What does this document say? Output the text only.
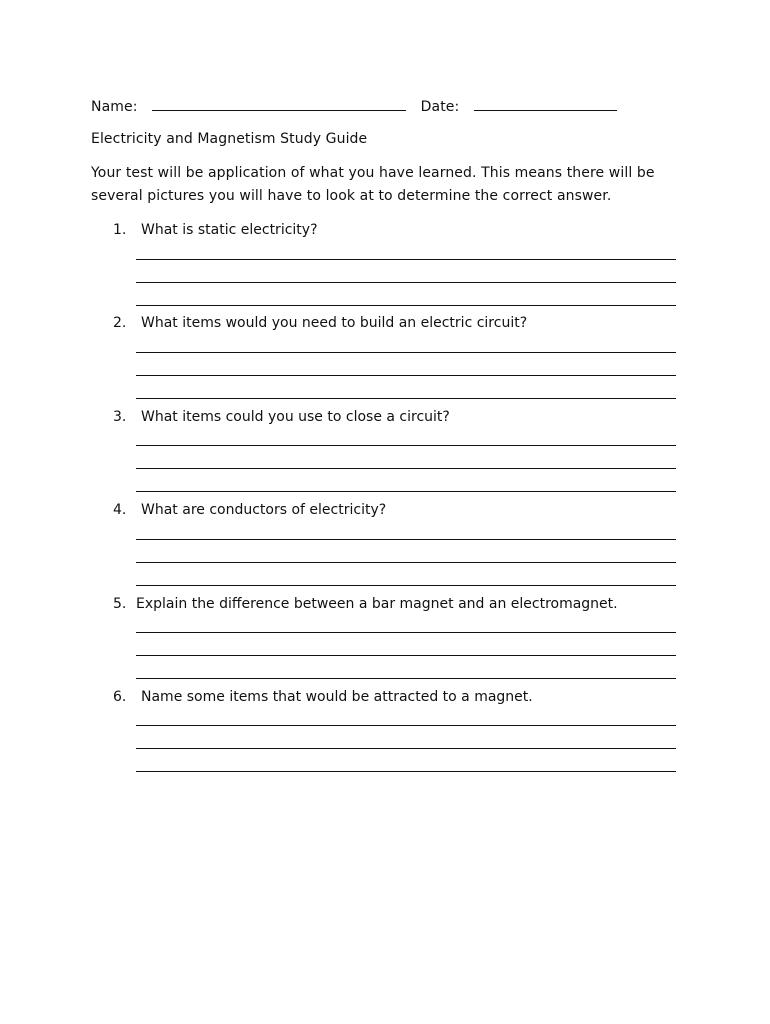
Name:	Date:
Electricity and Magnetism Study Guide
Your test will be application of what you have learned. This means there will be
several pictures you will have to look at to determine the correct answer.
1. What is static electricity?
2. What items would you need to build an electric circuit?
3. What items could you use to close a circuit?
4. What are conductors of electricity?
5. Explain the difference between a bar magnet and an electromagnet.
6. Name some items that would be attracted to a magnet.
